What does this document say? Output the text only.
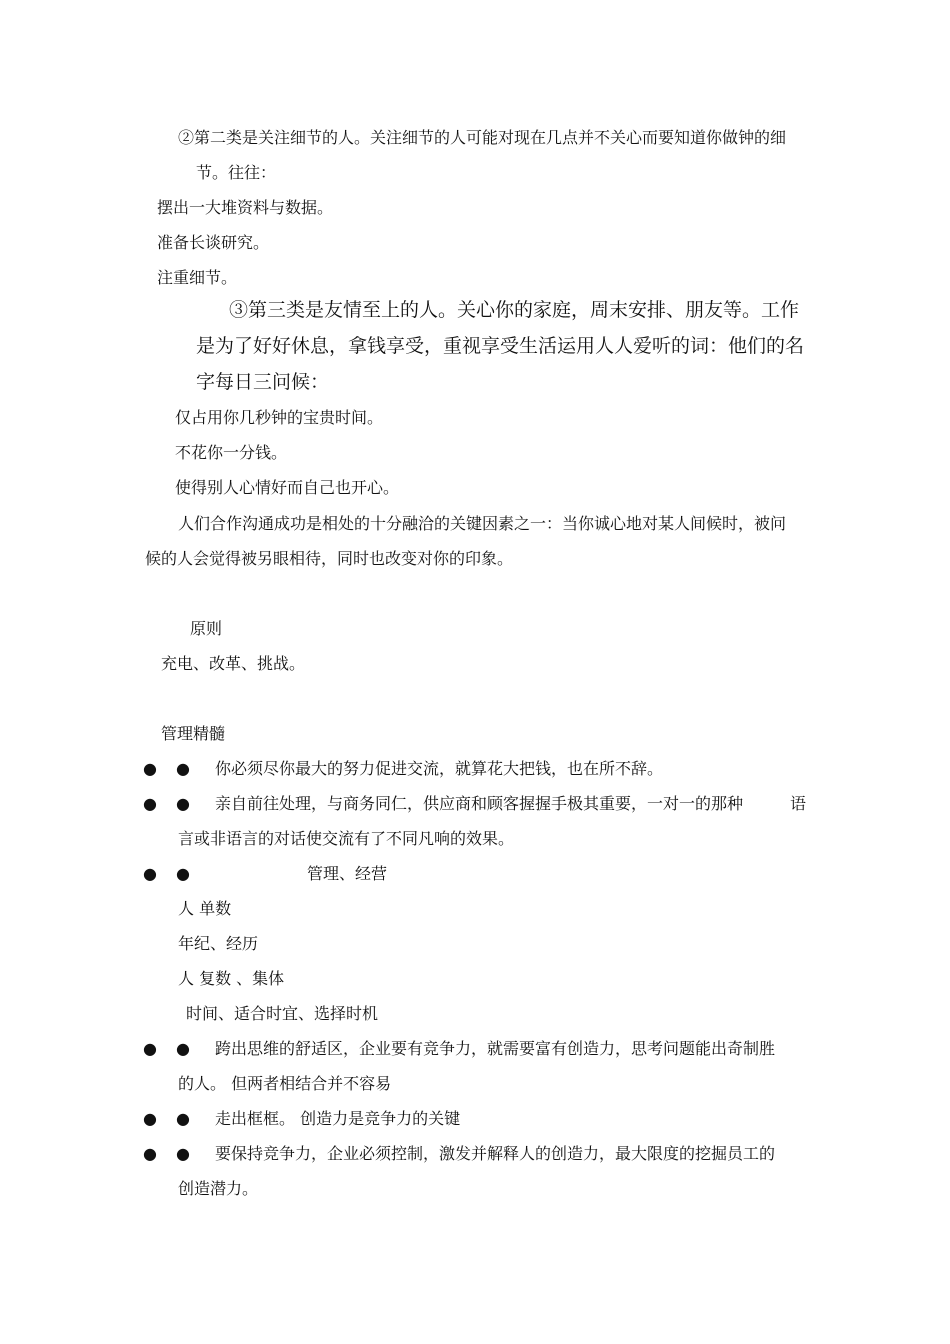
②第二类是关注细节的人。关注细节的人可能对现在几点并不关心而要知道你做钟的细
节。往往：
摆出一大堆资料与数据。
准备长谈研究。
注重细节。
③第三类是友情至上的人。关心你的家庭，周末安排、朋友等。工作
是为了好好休息，拿钱享受，重视享受生活运用人人爱听的词：他们的名
字每日三问候：
仅占用你几秒钟的宝贵时间。
不花你一分钱。
使得别人心情好而自己也开心。
人们合作沟通成功是相处的十分融洽的关键因素之一：当你诚心地对某人间候时，被问
候的人会觉得被另眼相待，同时也改变对你的印象。
原则
充电、改革、挑战。
管理精髓
● ● 你必须尽你最大的努力促进交流，就算花大把钱，也在所不辞。
● ● 亲自前往处理，与商务同仁，供应商和顾客握握手极其重要，一对一的那种	语
言或非语言的对话使交流有了不同凡响的效果。
● ●	管理、经营
人 单数
年纪、经历
人 复数 、集体
时间、适合时宜、选择时机
● ● 跨出思维的舒适区，企业要有竞争力，就需要富有创造力，思考问题能出奇制胜
的人。 但两者相结合并不容易
● ● 走出框框。 创造力是竞争力的关键
● ● 要保持竞争力，企业必须控制，激发并解释人的创造力，最大限度的挖掘员工的
创造潜力。
